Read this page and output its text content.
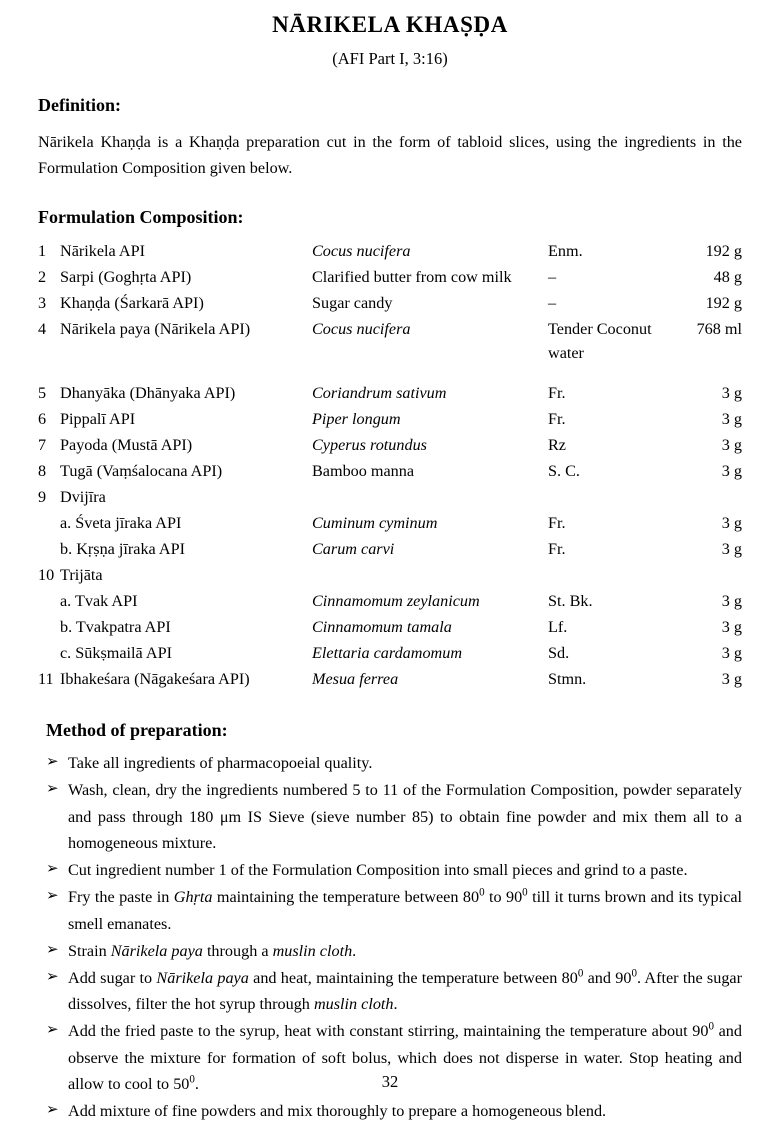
NĀRIKELA KHAṢḌA
(AFI Part I, 3:16)
Definition:

Nārikela Khaṇḍa is a Khaṇḍa preparation cut in the form of tabloid slices, using the ingredients in the Formulation Composition given below.

Formulation Composition:
1	Nārikela API	Cocus nucifera	Enm.	192 g
2	Sarpi (Goghṛta API)	Clarified butter from cow milk	–	48 g
3	Khaṇḍa (Śarkarā API)	Sugar candy	–	192 g
4	Nārikela paya (Nārikela API)	Cocus nucifera	Tender Coconut water	768 ml

5	Dhanyāka (Dhānyaka API)	Coriandrum sativum	Fr.	3 g
6	Pippalī API	Piper longum	Fr.	3 g
7	Payoda (Mustā API)	Cyperus rotundus	Rz	3 g
8	Tugā (Vaṃśalocana API)	Bamboo manna	S. C.	3 g
9	Dvijīra			
	a. Śveta jīraka API	Cuminum cyminum	Fr.	3 g
	b. Kṛṣṇa jīraka API	Carum carvi	Fr.	3 g
10	Trijāta			
	a. Tvak API	Cinnamomum zeylanicum	St. Bk.	3 g
	b. Tvakpatra API	Cinnamomum tamala	Lf.	3 g
	c. Sūkṣmailā API	Elettaria cardamomum	Sd.	3 g
11	Ibhakeśara (Nāgakeśara API)	Mesua ferrea	Stmn.	3 g
Method of preparation:
➢ Take all ingredients of pharmacopoeial quality.
➢ Wash, clean, dry the ingredients numbered 5 to 11 of the Formulation Composition, powder separately and pass through 180 μm IS Sieve (sieve number 85) to obtain fine powder and mix them all to a homogeneous mixture.
➢ Cut ingredient number 1 of the Formulation Composition into small pieces and grind to a paste.
➢ Fry the paste in Ghṛta maintaining the temperature between $80^0$ to $90^0$ till it turns brown and its typical smell emanates.
➢ Strain Nārikela paya through a muslin cloth.
➢ Add sugar to Nārikela paya and heat, maintaining the temperature between $80^0$ and $90^0$. After the sugar dissolves, filter the hot syrup through muslin cloth.
➢ Add the fried paste to the syrup, heat with constant stirring, maintaining the temperature about $90^0$ and observe the mixture for formation of soft bolus, which does not disperse in water. Stop heating and allow to cool to $50^0$.
➢ Add mixture of fine powders and mix thoroughly to prepare a homogeneous blend.
32
